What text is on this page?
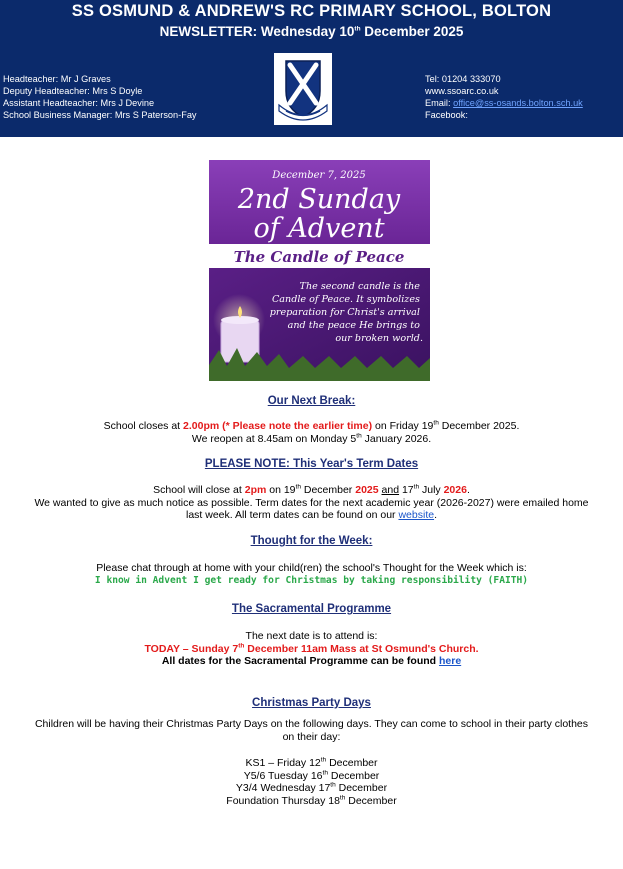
SS OSMUND & ANDREW'S RC PRIMARY SCHOOL, BOLTON
NEWSLETTER: Wednesday 10th December 2025
Headteacher: Mr J Graves
Deputy Headteacher: Mrs S Doyle
Assistant Headteacher: Mrs J Devine
School Business Manager: Mrs S Paterson-Fay
Tel: 01204 333070
www.ssoarc.co.uk
Email: office@ss-osands.bolton.sch.uk
Facebook:
December 7, 2025
2nd Sunday
of Advent
The Candle of Peace
The second candle is the Candle of Peace. It symbolizes preparation for Christ's arrival and the peace He brings to our broken world.
Our Next Break:
School closes at 2.00pm (* Please note the earlier time) on Friday 19th December 2025.
We reopen at 8.45am on Monday 5th January 2026.
PLEASE NOTE: This Year's Term Dates
School will close at 2pm on 19th December 2025 and 17th July 2026.
We wanted to give as much notice as possible. Term dates for the next academic year (2026-2027) were emailed home
last week. All term dates can be found on our website.
Thought for the Week:
Please chat through at home with your child(ren) the school's Thought for the Week which is:
I know in Advent I get ready for Christmas by taking responsibility (FAITH)
The Sacramental Programme
The next date is to attend is:
TODAY – Sunday 7th December 11am Mass at St Osmund's Church.
All dates for the Sacramental Programme can be found here
Christmas Party Days
Children will be having their Christmas Party Days on the following days. They can come to school in their party clothes
on their day:
KS1 – Friday 12th December
Y5/6 Tuesday 16th December
Y3/4 Wednesday 17th December
Foundation Thursday 18th December
